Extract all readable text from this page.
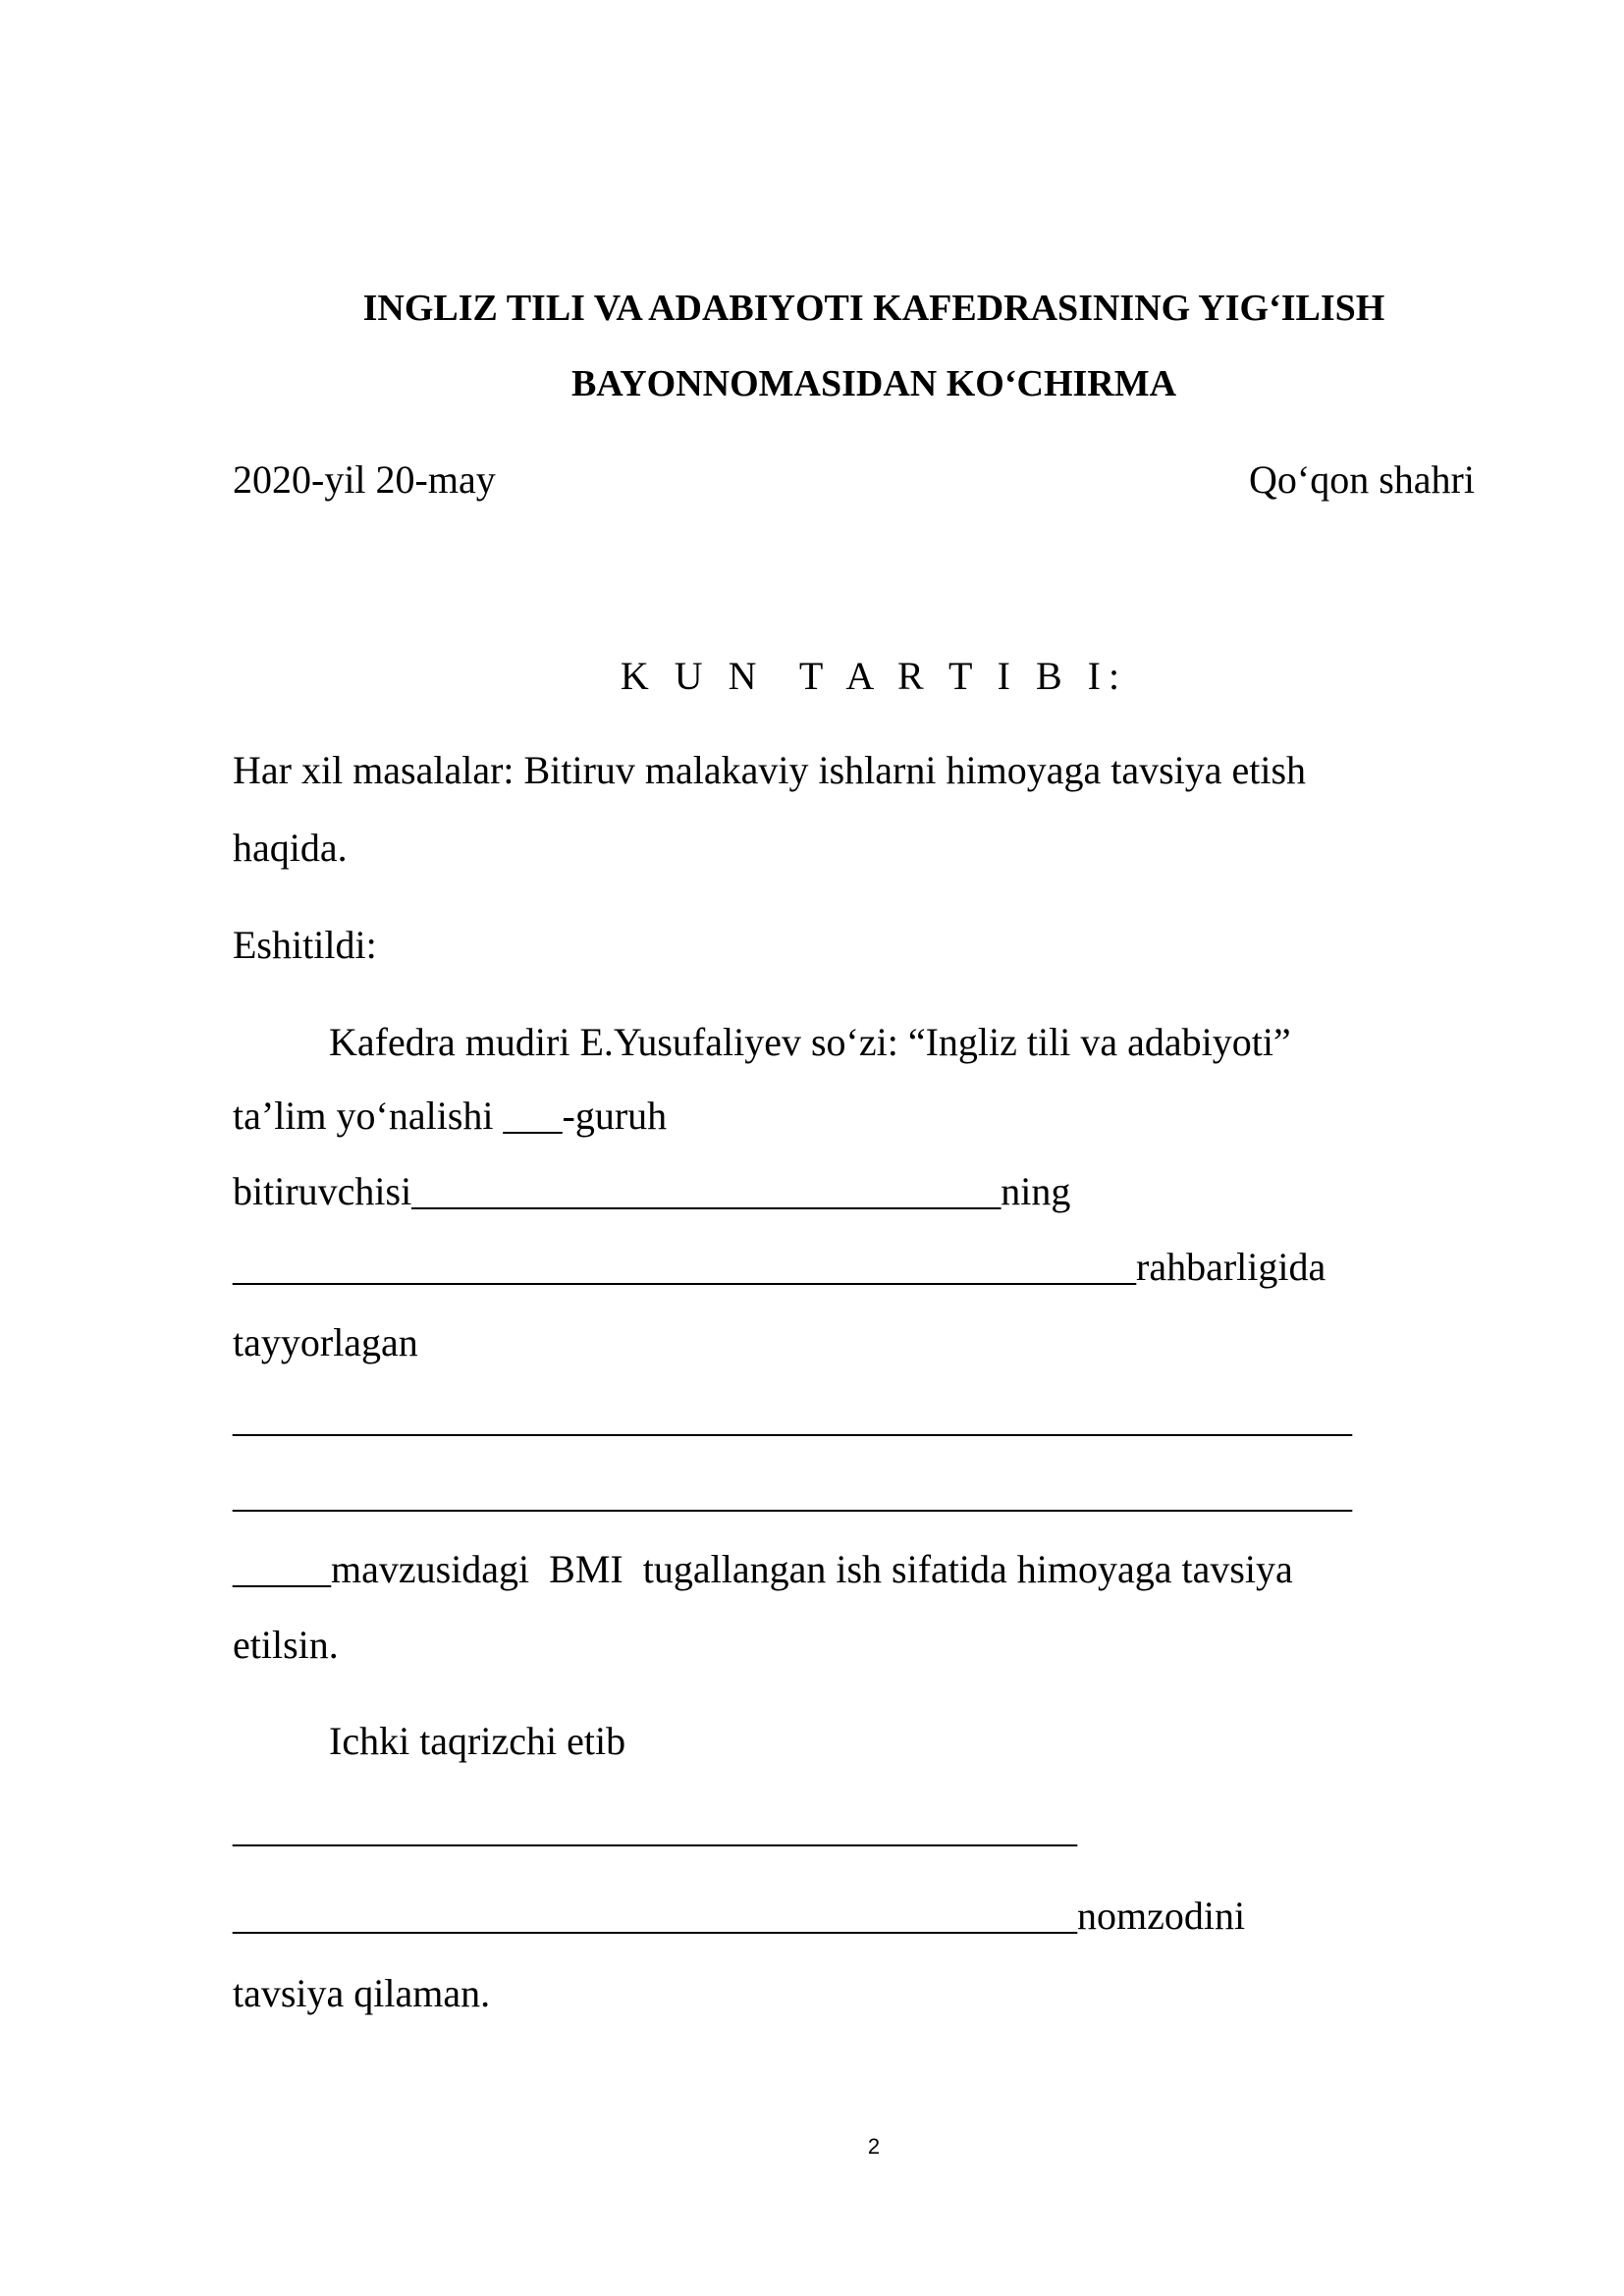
INGLIZ TILI VA ADABIYOTI KAFEDRASINING YIG‘ILISH
BAYONNOMASIDAN KO‘CHIRMA
2020-yil 20-may	Qo‘qon shahri
K U N  T A R T I B I:
Har xil masalalar: Bitiruv malakaviy ishlarni himoyaga tavsiya etish
haqida.
Eshitildi:
Kafedra mudiri E.Yusufaliyev so‘zi: “Ingliz tili va adabiyoti”
ta’lim yo‘nalishi ___-guruh
bitiruvchisi______________________________ning
______________________________________________rahbarligida
tayyorlagan
_________________________________________________________
_________________________________________________________
_____mavzusidagi  BMI  tugallangan ish sifatida himoyaga tavsiya
etilsin.
Ichki taqrizchi etib
___________________________________________
___________________________________________nomzodini
tavsiya qilaman.
2
